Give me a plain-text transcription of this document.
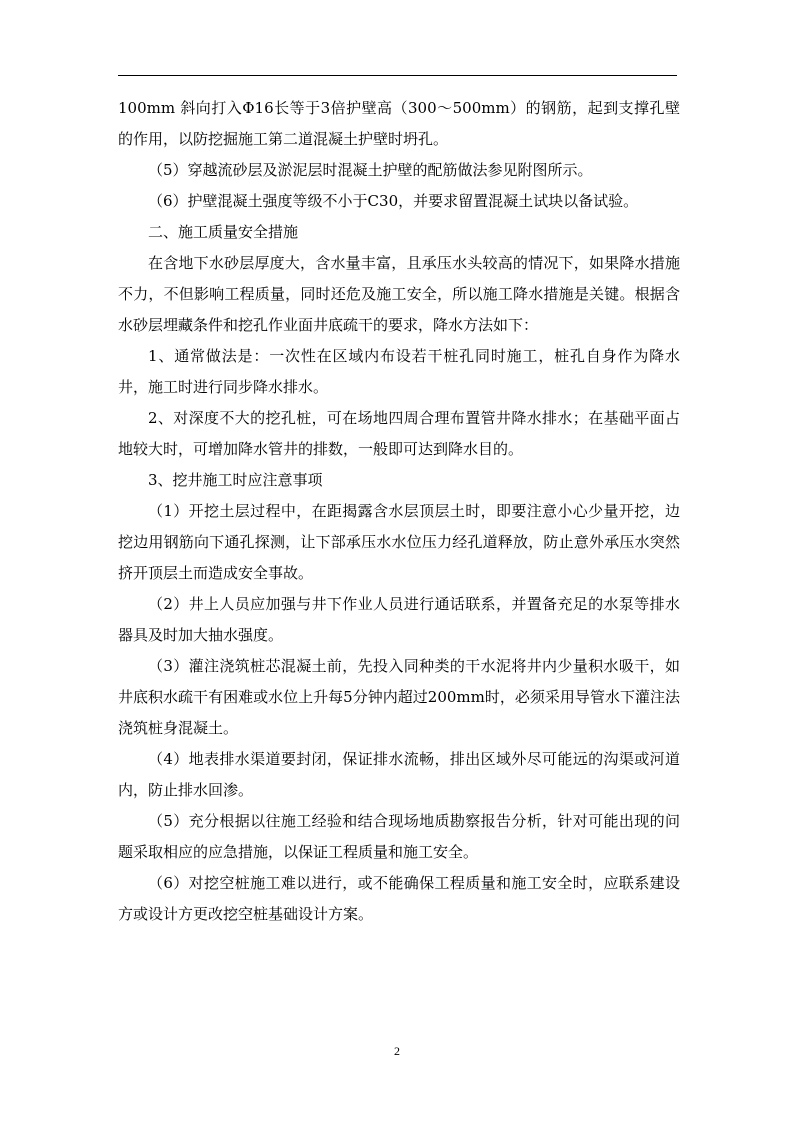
100mm 斜向打入Φ16长等于3倍护壁高（300～500mm）的钢筋，起到支撑孔壁的作用，以防挖掘施工第二道混凝土护壁时坍孔。

（5）穿越流砂层及淤泥层时混凝土护壁的配筋做法参见附图所示。

（6）护壁混凝土强度等级不小于C30，并要求留置混凝土试块以备试验。

二、施工质量安全措施

在含地下水砂层厚度大，含水量丰富，且承压水头较高的情况下，如果降水措施不力，不但影响工程质量，同时还危及施工安全，所以施工降水措施是关键。根据含水砂层埋藏条件和挖孔作业面井底疏干的要求，降水方法如下：

1、通常做法是：一次性在区域内布设若干桩孔同时施工，桩孔自身作为降水井，施工时进行同步降水排水。

2、对深度不大的挖孔桩，可在场地四周合理布置管井降水排水；在基础平面占地较大时，可增加降水管井的排数，一般即可达到降水目的。

3、挖井施工时应注意事项

（1）开挖土层过程中，在距揭露含水层顶层土时，即要注意小心少量开挖，边挖边用钢筋向下通孔探测，让下部承压水水位压力经孔道释放，防止意外承压水突然挤开顶层土而造成安全事故。

（2）井上人员应加强与井下作业人员进行通话联系，并置备充足的水泵等排水器具及时加大抽水强度。

（3）灌注浇筑桩芯混凝土前，先投入同种类的干水泥将井内少量积水吸干，如井底积水疏干有困难或水位上升每5分钟内超过200mm时，必须采用导管水下灌注法浇筑桩身混凝土。

（4）地表排水渠道要封闭，保证排水流畅，排出区域外尽可能远的沟渠或河道内，防止排水回渗。

（5）充分根据以往施工经验和结合现场地质勘察报告分析，针对可能出现的问题采取相应的应急措施，以保证工程质量和施工安全。

（6）对挖空桩施工难以进行，或不能确保工程质量和施工安全时，应联系建设方或设计方更改挖空桩基础设计方案。

2
